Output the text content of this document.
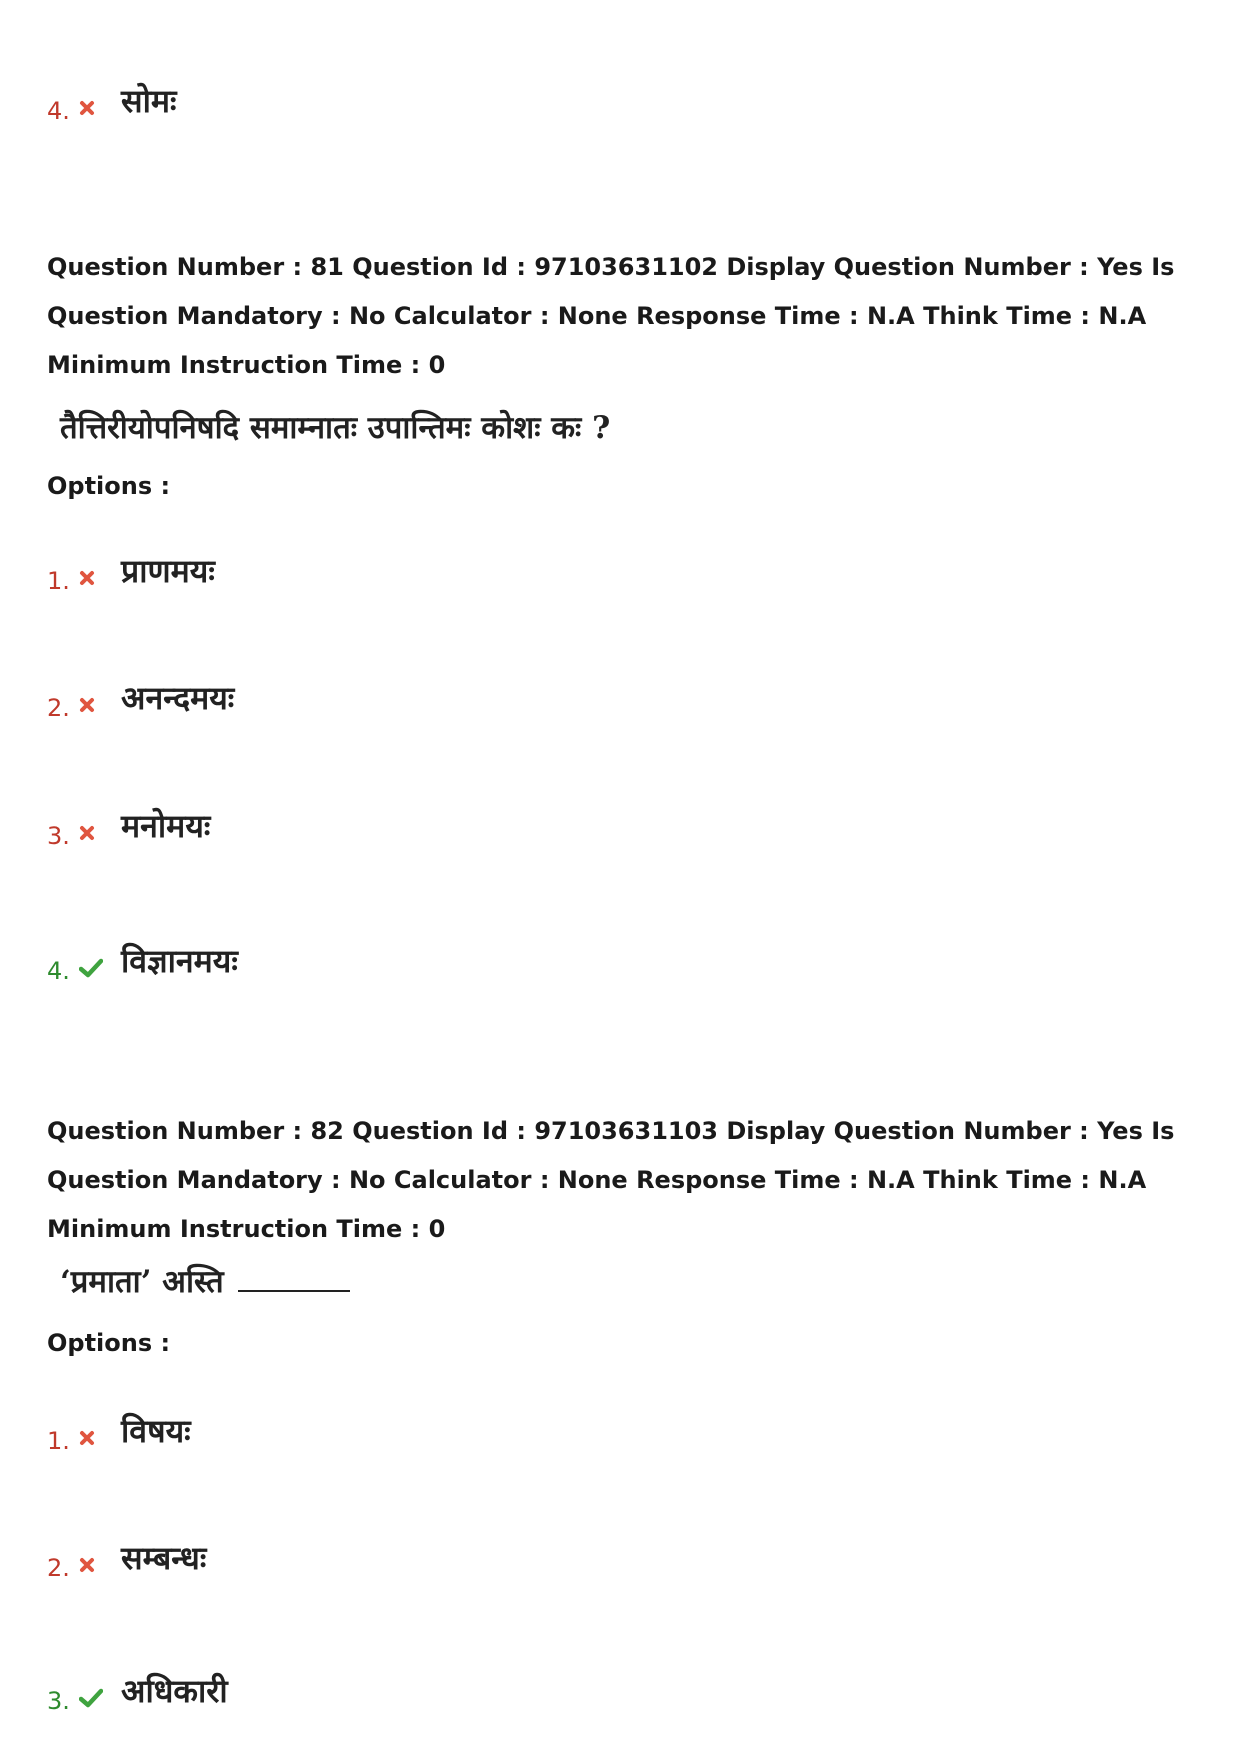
4. सोमः
Question Number : 81 Question Id : 97103631102 Display Question Number : Yes Is Question Mandatory : No Calculator : None Response Time : N.A Think Time : N.A Minimum Instruction Time : 0
तैत्तिरीयोपनिषदि समाम्नातः उपान्तिमः कोशः कः ?
Options :
1. प्राणमयः
2. अनन्दमयः
3. मनोमयः
4. विज्ञानमयः
Question Number : 82 Question Id : 97103631103 Display Question Number : Yes Is Question Mandatory : No Calculator : None Response Time : N.A Think Time : N.A Minimum Instruction Time : 0
‘प्रमाता’ अस्ति
Options :
1. विषयः
2. सम्बन्धः
3. अधिकारी
